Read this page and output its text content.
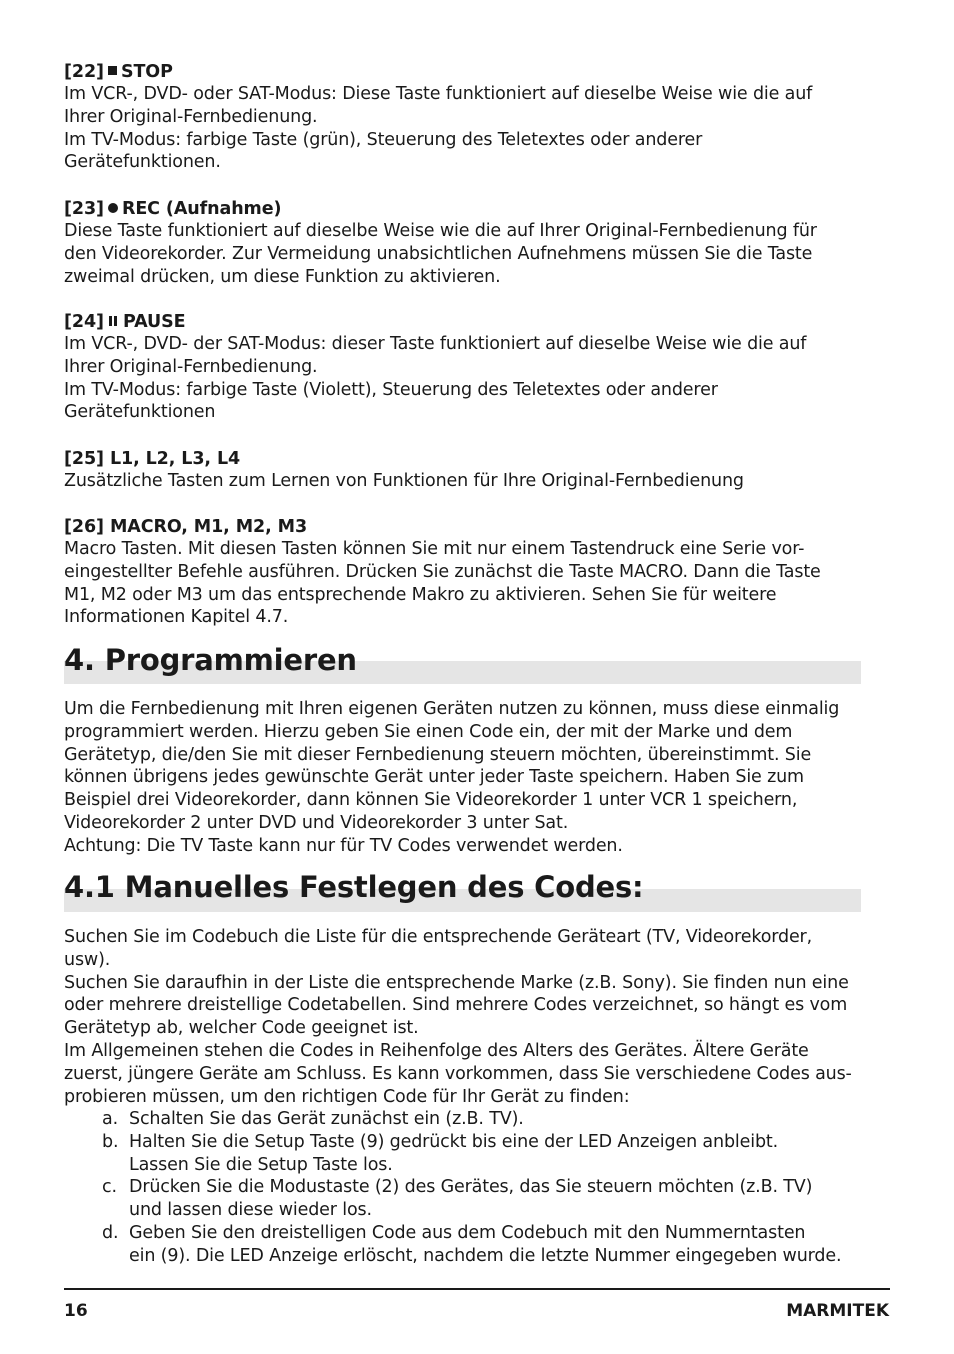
[22] STOP
Im VCR-, DVD- oder SAT-Modus: Diese Taste funktioniert auf dieselbe Weise wie die auf
Ihrer Original-Fernbedienung.
Im TV-Modus: farbige Taste (grün), Steuerung des Teletextes oder anderer
Gerätefunktionen.
[23] REC (Aufnahme)
Diese Taste funktioniert auf dieselbe Weise wie die auf Ihrer Original-Fernbedienung für
den Videorekorder. Zur Vermeidung unabsichtlichen Aufnehmens müssen Sie die Taste
zweimal drücken, um diese Funktion zu aktivieren.
[24] PAUSE
Im VCR-, DVD- der SAT-Modus: dieser Taste funktioniert auf dieselbe Weise wie die auf
Ihrer Original-Fernbedienung.
Im TV-Modus: farbige Taste (Violett), Steuerung des Teletextes oder anderer
Gerätefunktionen
[25] L1, L2, L3, L4
Zusätzliche Tasten zum Lernen von Funktionen für Ihre Original-Fernbedienung
[26] MACRO, M1, M2, M3
Macro Tasten. Mit diesen Tasten können Sie mit nur einem Tastendruck eine Serie vor-
eingestellter Befehle ausführen. Drücken Sie zunächst die Taste MACRO. Dann die Taste
M1, M2 oder M3 um das entsprechende Makro zu aktivieren. Sehen Sie für weitere
Informationen Kapitel 4.7.
4. Programmieren
Um die Fernbedienung mit Ihren eigenen Geräten nutzen zu können, muss diese einmalig
programmiert werden. Hierzu geben Sie einen Code ein, der mit der Marke und dem
Gerätetyp, die/den Sie mit dieser Fernbedienung steuern möchten, übereinstimmt. Sie
können übrigens jedes gewünschte Gerät unter jeder Taste speichern. Haben Sie zum
Beispiel drei Videorekorder, dann können Sie Videorekorder 1 unter VCR 1 speichern,
Videorekorder 2 unter DVD und Videorekorder 3 unter Sat.
Achtung: Die TV Taste kann nur für TV Codes verwendet werden.
4.1 Manuelles Festlegen des Codes:
Suchen Sie im Codebuch die Liste für die entsprechende Geräteart (TV, Videorekorder,
usw).
Suchen Sie daraufhin in der Liste die entsprechende Marke (z.B. Sony). Sie finden nun eine
oder mehrere dreistellige Codetabellen. Sind mehrere Codes verzeichnet, so hängt es vom
Gerätetyp ab, welcher Code geeignet ist.
Im Allgemeinen stehen die Codes in Reihenfolge des Alters des Gerätes. Ältere Geräte
zuerst, jüngere Geräte am Schluss. Es kann vorkommen, dass Sie verschiedene Codes aus-
probieren müssen, um den richtigen Code für Ihr Gerät zu finden:
a. Schalten Sie das Gerät zunächst ein (z.B. TV).
b. Halten Sie die Setup Taste (9) gedrückt bis eine der LED Anzeigen anbleibt.
Lassen Sie die Setup Taste los.
c. Drücken Sie die Modustaste (2) des Gerätes, das Sie steuern möchten (z.B. TV)
und lassen diese wieder los.
d. Geben Sie den dreistelligen Code aus dem Codebuch mit den Nummerntasten
ein (9). Die LED Anzeige erlöscht, nachdem die letzte Nummer eingegeben wurde.
16	MARMITEK
